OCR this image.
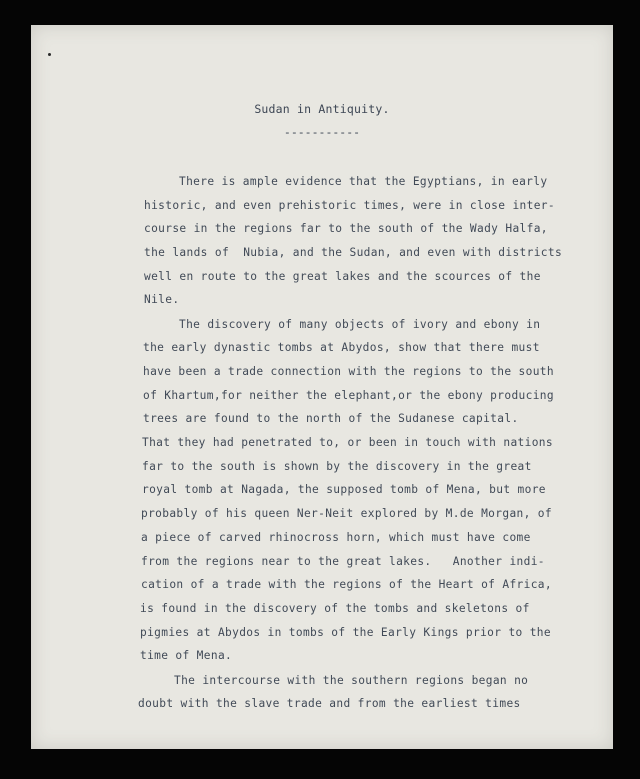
Sudan in Antiquity.
-----------
There is ample evidence that the Egyptians, in early
historic, and even prehistoric times, were in close inter-
course in the regions far to the south of the Wady Halfa,
the lands of  Nubia, and the Sudan, and even with districts
well en route to the great lakes and the scources of the
Nile.
The discovery of many objects of ivory and ebony in
the early dynastic tombs at Abydos, show that there must
have been a trade connection with the regions to the south
of Khartum,for neither the elephant,or the ebony producing
trees are found to the north of the Sudanese capital.
That they had penetrated to, or been in touch with nations
far to the south is shown by the discovery in the great
royal tomb at Nagada, the supposed tomb of Mena, but more
probably of his queen Ner-Neit explored by M.de Morgan, of
a piece of carved rhinocross horn, which must have come
from the regions near to the great lakes.   Another indi-
cation of a trade with the regions of the Heart of Africa,
is found in the discovery of the tombs and skeletons of
pigmies at Abydos in tombs of the Early Kings prior to the
time of Mena.
The intercourse with the southern regions began no
doubt with the slave trade and from the earliest times
